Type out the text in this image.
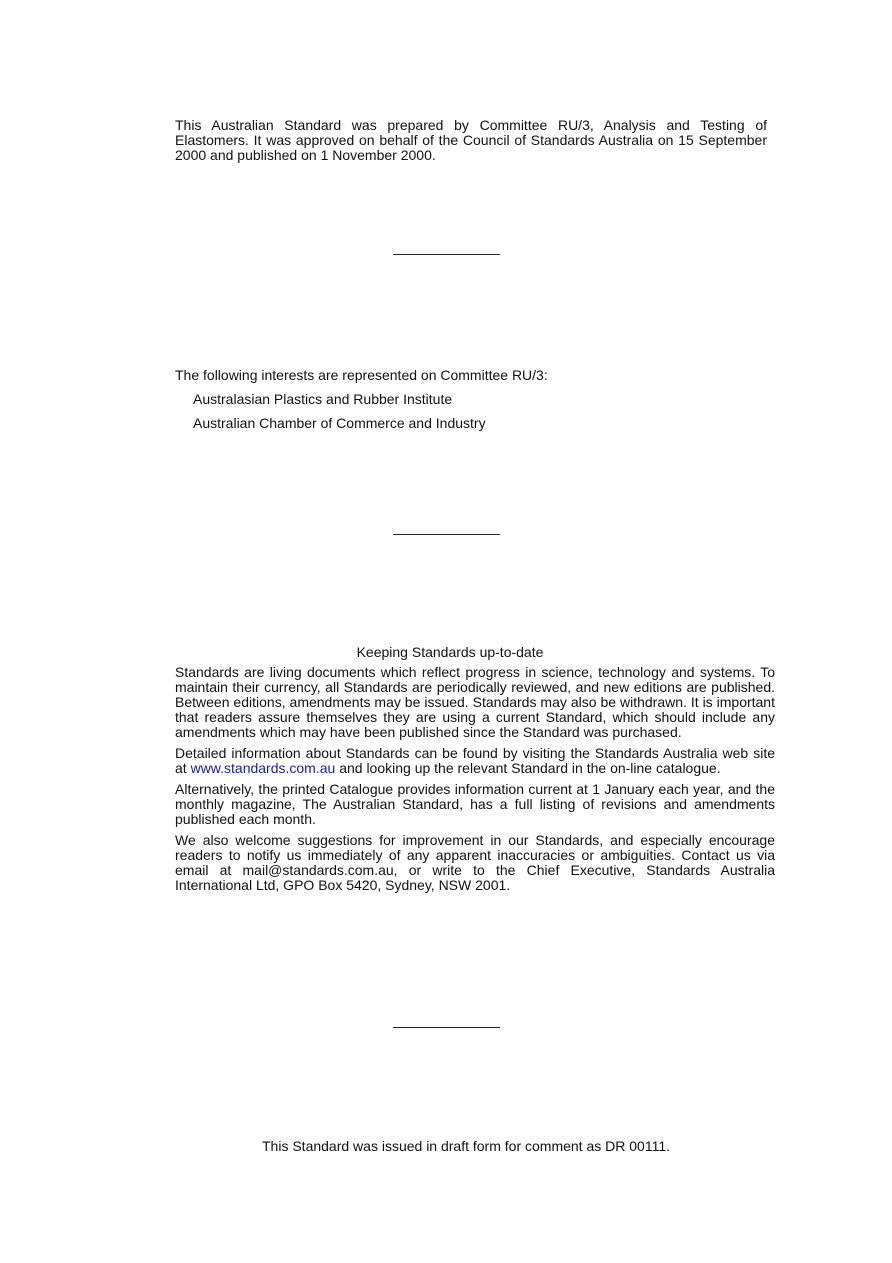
This Australian Standard was prepared by Committee RU/3, Analysis and Testing of Elastomers. It was approved on behalf of the Council of Standards Australia on 15 September 2000 and published on 1 November 2000.
The following interests are represented on Committee RU/3:
Australasian Plastics and Rubber Institute
Australian Chamber of Commerce and Industry
Keeping Standards up-to-date

Standards are living documents which reflect progress in science, technology and systems. To maintain their currency, all Standards are periodically reviewed, and new editions are published. Between editions, amendments may be issued. Standards may also be withdrawn. It is important that readers assure themselves they are using a current Standard, which should include any amendments which may have been published since the Standard was purchased.

Detailed information about Standards can be found by visiting the Standards Australia web site at www.standards.com.au and looking up the relevant Standard in the on-line catalogue.

Alternatively, the printed Catalogue provides information current at 1 January each year, and the monthly magazine, The Australian Standard, has a full listing of revisions and amendments published each month.

We also welcome suggestions for improvement in our Standards, and especially encourage readers to notify us immediately of any apparent inaccuracies or ambiguities. Contact us via email at mail@standards.com.au, or write to the Chief Executive, Standards Australia International Ltd, GPO Box 5420, Sydney, NSW 2001.

This Standard was issued in draft form for comment as DR 00111.
